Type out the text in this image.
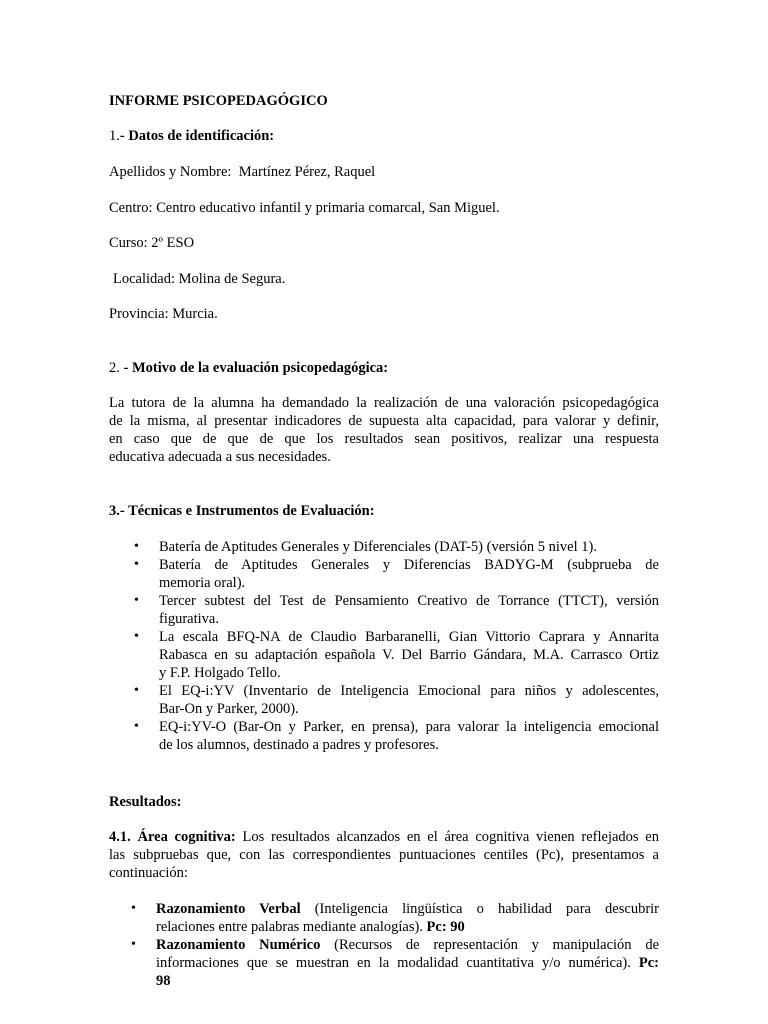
INFORME PSICOPEDAGÓGICO

1.- Datos de identificación:

Apellidos y Nombre: Martínez Pérez, Raquel

Centro: Centro educativo infantil y primaria comarcal, San Miguel.

Curso: 2º ESO

Localidad: Molina de Segura.

Provincia: Murcia.

2. - Motivo de la evaluación psicopedagógica:

La tutora de la alumna ha demandado la realización de una valoración psicopedagógica
de la misma, al presentar indicadores de supuesta alta capacidad, para valorar y definir,
en caso que de que de que los resultados sean positivos, realizar una respuesta
educativa adecuada a sus necesidades.

3.- Técnicas e Instrumentos de Evaluación:

• Batería de Aptitudes Generales y Diferenciales (DAT-5) (versión 5 nivel 1).
• Batería de Aptitudes Generales y Diferencias BADYG-M (subprueba de
memoria oral).
• Tercer subtest del Test de Pensamiento Creativo de Torrance (TTCT), versión
figurativa.
• La escala BFQ-NA de Claudio Barbaranelli, Gian Vittorio Caprara y Annarita
Rabasca en su adaptación española V. Del Barrio Gándara, M.A. Carrasco Ortiz
y F.P. Holgado Tello.
• El EQ-i:YV (Inventario de Inteligencia Emocional para niños y adolescentes,
Bar-On y Parker, 2000).
• EQ-i:YV-O (Bar-On y Parker, en prensa), para valorar la inteligencia emocional
de los alumnos, destinado a padres y profesores.

Resultados:

4.1. Área cognitiva: Los resultados alcanzados en el área cognitiva vienen reflejados en
las subpruebas que, con las correspondientes puntuaciones centiles (Pc), presentamos a
continuación:
• Razonamiento Verbal (Inteligencia lingüística o habilidad para descubrir
relaciones entre palabras mediante analogías). Pc: 90
• Razonamiento Numérico (Recursos de representación y manipulación de
informaciones que se muestran en la modalidad cuantitativa y/o numérica). Pc:
98
